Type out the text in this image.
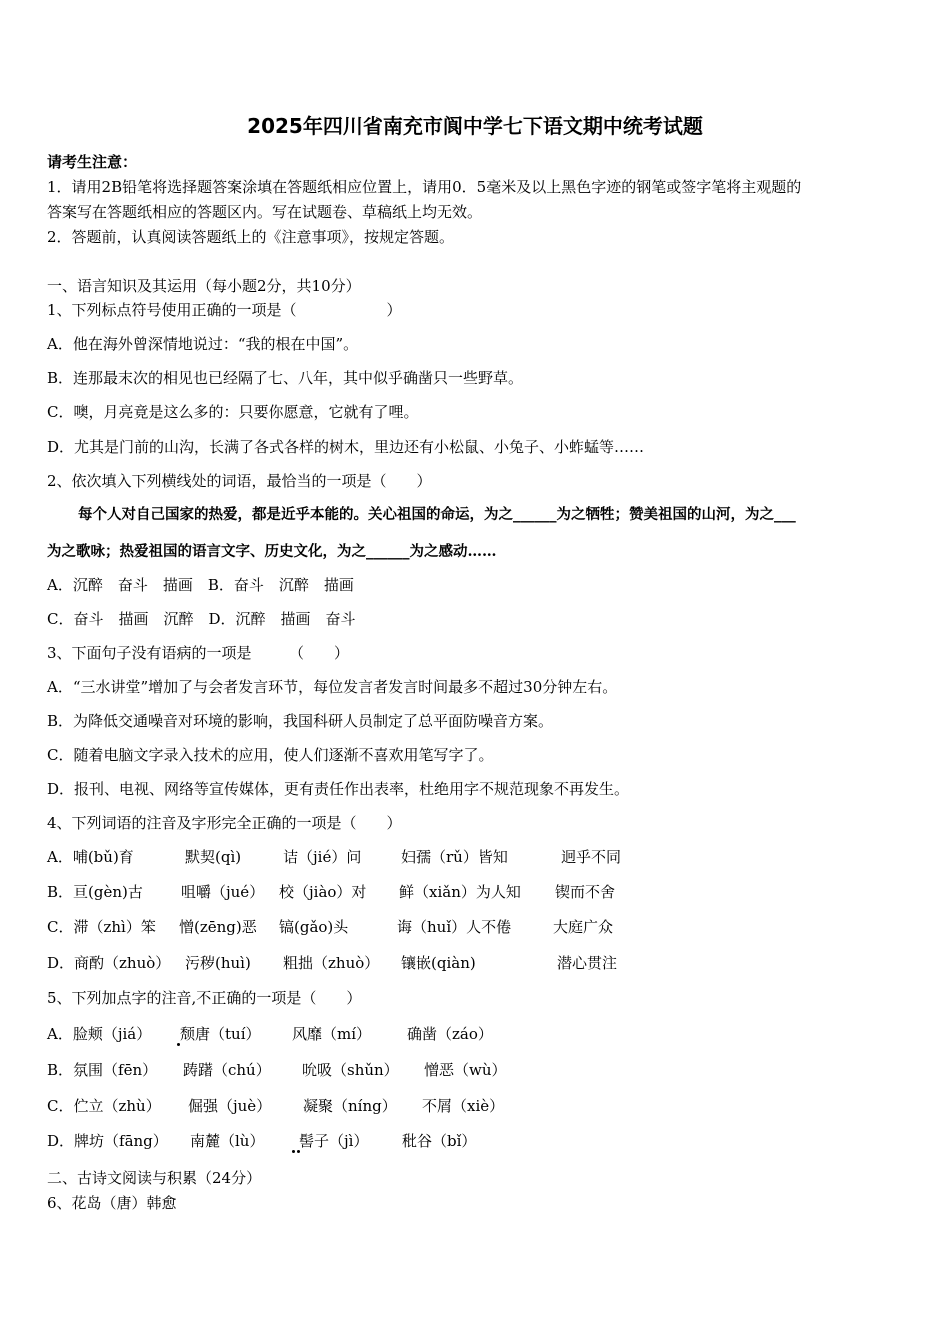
2025年四川省南充市阆中学七下语文期中统考试题
请考生注意：
1．请用2B铅笔将选择题答案涂填在答题纸相应位置上，请用0．5毫米及以上黑色字迹的钢笔或签字笔将主观题的
答案写在答题纸相应的答题区内。写在试题卷、草稿纸上均无效。
2．答题前，认真阅读答题纸上的《注意事项》，按规定答题。
一、语言知识及其运用（每小题2分，共10分）
1、下列标点符号使用正确的一项是（　　　　　　）
A．他在海外曾深情地说过：“我的根在中国”。
B．连那最末次的相见也已经隔了七、八年，其中似乎确凿只一些野草。
C．噢，月亮竟是这么多的：只要你愿意，它就有了哩。
D．尤其是门前的山沟，长满了各式各样的树木，里边还有小松鼠、小兔子、小蚱蜢等……
2、依次填入下列横线处的词语，最恰当的一项是（　　）
每个人对自己国家的热爱，都是近乎本能的。关心祖国的命运，为之______为之牺牲；赞美祖国的山河，为之___
为之歌咏；热爱祖国的语言文字、历史文化，为之______为之感动……
A．沉醉　奋斗　描画　B．奋斗　沉醉　描画
C．奋斗　描画　沉醉　D．沉醉　描画　奋斗
3、下面句子没有语病的一项是　　　（　　）
A．“三水讲堂”增加了与会者发言环节，每位发言者发言时间最多不超过30分钟左右。
B．为降低交通噪音对环境的影响，我国科研人员制定了总平面防噪音方案。
C．随着电脑文字录入技术的应用，使人们逐渐不喜欢用笔写字了。
D．报刊、电视、网络等宣传媒体，更有责任作出表率，杜绝用字不规范现象不再发生。
4、下列词语的注音及字形完全正确的一项是（　　）
A．哺(bǔ)育	默契(qì)	诘（jié）问	妇孺（rǔ）皆知	迥乎不同
B．亘(gèn)古	咀嚼（jué） 校（jiào）对 鲜（xiǎn）为人知 锲而不舍
C．滞（zhì）笨 憎(zēng)恶 镐(gǎo)头	诲（huǐ）人不倦	大庭广众
D．商酌（zhuò） 污秽(huì) 粗拙（zhuò） 镶嵌(qiàn)	潜心贯注
5、下列加点字的注音,不正确的一项是（　　）
A．脸颊（jiá） 颓唐（tuí） 风靡（mí） 确凿（záo）
B．氛围（fēn） 踌躇（chú） 吮吸（shǔn） 憎恶（wù）
C．伫立（zhù） 倔强（juè） 凝聚（níng） 不屑（xiè）
D．牌坊（fāng） 南麓（lù） 髻子（jì） 秕谷（bǐ）
二、古诗文阅读与积累（24分）
6、花岛（唐）韩愈
